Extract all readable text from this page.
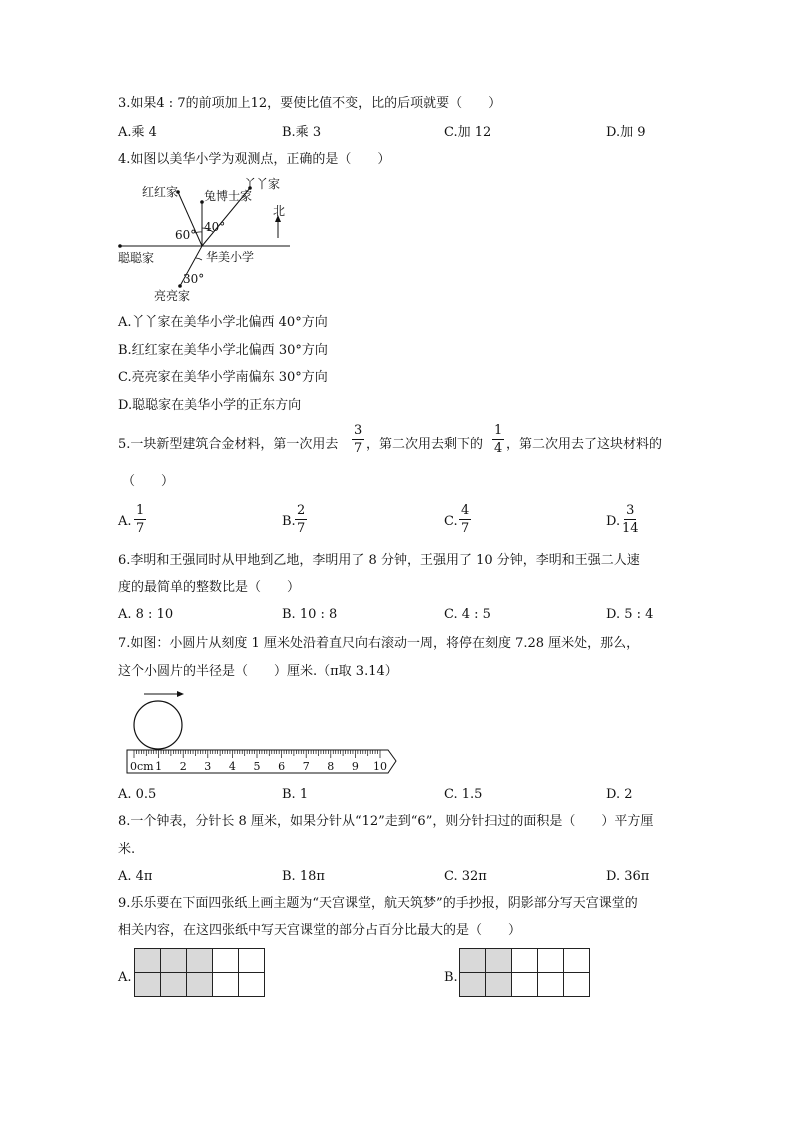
3.如果4 : 7的前项加上12，要使比值不变，比的后项就要（　　）
A.乘 4	B.乘 3	C.加 12	D.加 9
4.如图以美华小学为观测点，正确的是（　　）
红红家 兔博士家
丫丫家
北
60°
40°
聪聪家	华美小学
30°
亮亮家
A.丫丫家在美华小学北偏西 40°方向
B.红红家在美华小学北偏西 30°方向
C.亮亮家在美华小学南偏东 30°方向
D.聪聪家在美华小学的正东方向
5.一块新型建筑合金材料，第一次用去 $\frac{3}{7}$ ，第二次用去剩下的 $\frac{1}{4}$ ，第二次用去了这块材料的
（　　）
A. $\frac{1}{7}$	B. $\frac{2}{7}$	C. $\frac{4}{7}$	D. $\frac{3}{14}$
6.李明和王强同时从甲地到乙地，李明用了 8 分钟，王强用了 10 分钟，李明和王强二人速
度的最简单的整数比是（　　）
A. 8 : 10	B. 10 : 8	C. 4 : 5	D. 5 : 4
7.如图：小圆片从刻度 1 厘米处沿着直尺向右滚动一周，将停在刻度 7.28 厘米处，那么，
这个小圆片的半径是（　　）厘米.（π取 3.14）
0cm 1 2 3 4 5 6 7 8 9 10
A. 0.5	B. 1	C. 1.5	D. 2
8.一个钟表，分针长 8 厘米，如果分针从“12”走到“6”，则分针扫过的面积是（　　）平方厘
米.
A. 4π	B. 18π	C. 32π	D. 36π
9.乐乐要在下面四张纸上画主题为“天宫课堂，航天筑梦”的手抄报，阴影部分写天宫课堂的
相关内容，在这四张纸中写天宫课堂的部分占百分比最大的是（　　）
A.

					B.
